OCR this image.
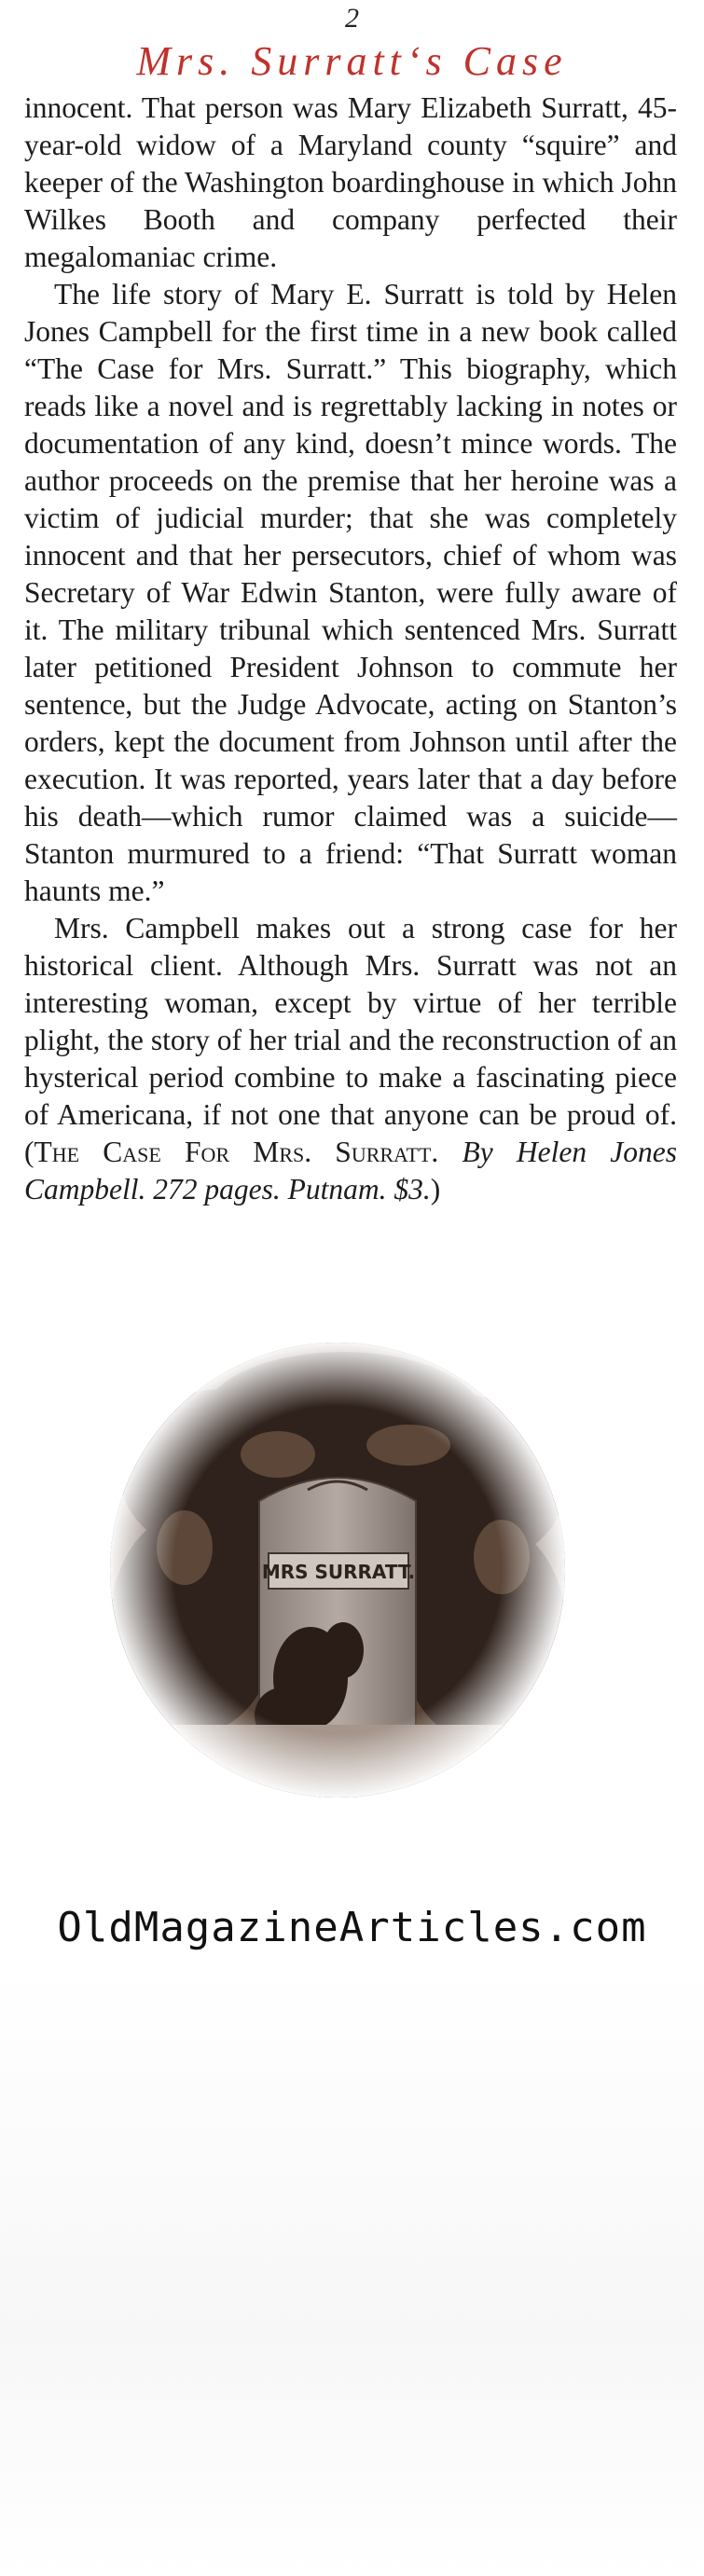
2
Mrs. Surratt‘s Case

innocent. That person was Mary Elizabeth Surratt, 45-year-old widow of a Maryland county “squire” and keeper of the Washington boardinghouse in which John Wilkes Booth and company perfected their megalomaniac crime.

The life story of Mary E. Surratt is told by Helen Jones Campbell for the first time in a new book called “The Case for Mrs. Surratt.” This biography, which reads like a novel and is regrettably lacking in notes or documentation of any kind, doesn’t mince words. The author proceeds on the premise that her heroine was a victim of judicial murder; that she was completely innocent and that her persecutors, chief of whom was Secretary of War Edwin Stanton, were fully aware of it. The military tribunal which sentenced Mrs. Surratt later petitioned President Johnson to commute her sentence, but the Judge Advocate, acting on Stanton’s orders, kept the document from Johnson until after the execution. It was reported, years later that a day before his death—which rumor claimed was a suicide—Stanton murmured to a friend: “That Surratt woman haunts me.”

Mrs. Campbell makes out a strong case for her historical client. Although Mrs. Surratt was not an interesting woman, except by virtue of her terrible plight, the story of her trial and the reconstruction of an hysterical period combine to make a fascinating piece of Americana, if not one that anyone can be proud of. (The Case For Mrs. Surratt. By Helen Jones Campbell. 272 pages. Putnam. $3.)

OldMagazineArticles.com
